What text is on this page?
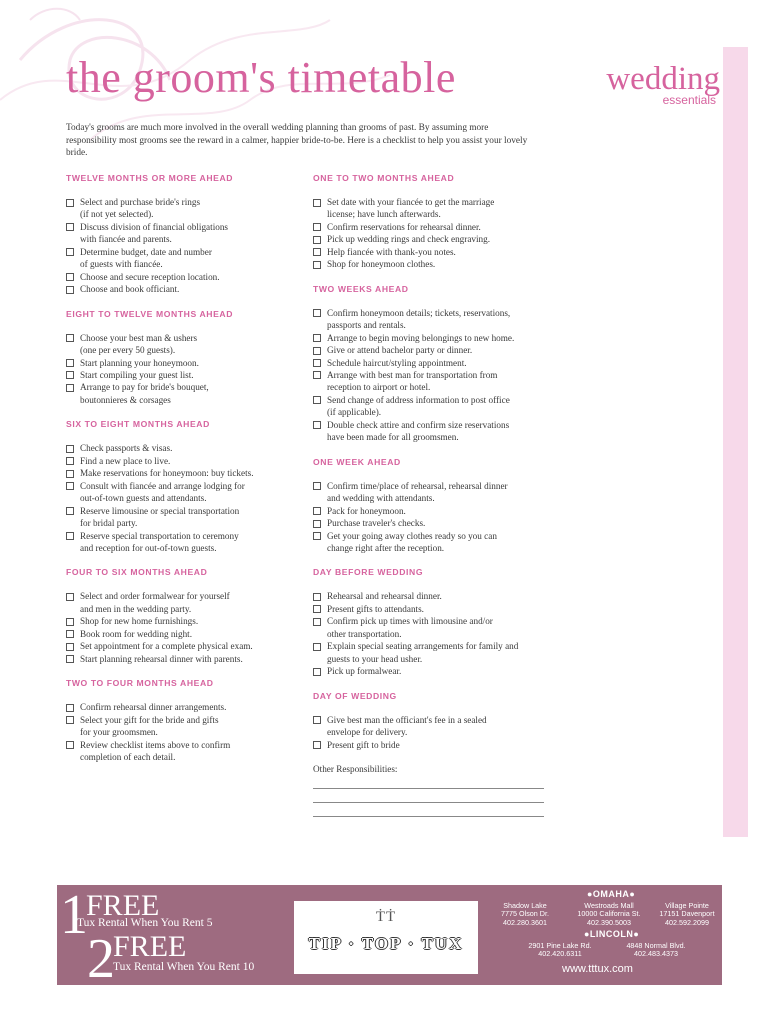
the groom's timetable	wedding
essentials

Today's grooms are much more involved in the overall wedding planning than grooms of past. By assuming more responsibility most grooms see the reward in a calmer, happier bride-to-be. Here is a checklist to help you assist your lovely bride.

TWELVE MONTHS OR MORE AHEAD
Select and purchase bride's rings
(if not yet selected).
Discuss division of financial obligations
with fiancée and parents.
Determine budget, date and number
of guests with fiancée.
Choose and secure reception location.
Choose and book officiant.
EIGHT TO TWELVE MONTHS AHEAD
Choose your best man & ushers
(one per every 50 guests).
Start planning your honeymoon.
Start compiling your guest list.
Arrange to pay for bride's bouquet,
boutonnieres & corsages
SIX TO EIGHT MONTHS AHEAD
Check passports & visas.
Find a new place to live.
Make reservations for honeymoon: buy tickets.
Consult with fiancée and arrange lodging for
out-of-town guests and attendants.
Reserve limousine or special transportation
for bridal party.
Reserve special transportation to ceremony
and reception for out-of-town guests.
FOUR TO SIX MONTHS AHEAD
Select and order formalwear for yourself
and men in the wedding party.
Shop for new home furnishings.
Book room for wedding night.
Set appointment for a complete physical exam.
Start planning rehearsal dinner with parents.
TWO TO FOUR MONTHS AHEAD
Confirm rehearsal dinner arrangements.
Select your gift for the bride and gifts
for your groomsmen.
Review checklist items above to confirm
completion of each detail.
ONE TO TWO MONTHS AHEAD
Set date with your fiancée to get the marriage
license; have lunch afterwards.
Confirm reservations for rehearsal dinner.
Pick up wedding rings and check engraving.
Help fiancée with thank-you notes.
Shop for honeymoon clothes.
TWO WEEKS AHEAD
Confirm honeymoon details; tickets, reservations,
passports and rentals.
Arrange to begin moving belongings to new home.
Give or attend bachelor party or dinner.
Schedule haircut/styling appointment.
Arrange with best man for transportation from
reception to airport or hotel.
Send change of address information to post office
(if applicable).
Double check attire and confirm size reservations
have been made for all groomsmen.
ONE WEEK AHEAD
Confirm time/place of rehearsal, rehearsal dinner
and wedding with attendants.
Pack for honeymoon.
Purchase traveler's checks.
Get your going away clothes ready so you can
change right after the reception.
DAY BEFORE WEDDING
Rehearsal and rehearsal dinner.
Present gifts to attendants.
Confirm pick up times with limousine and/or
other transportation.
Explain special seating arrangements for family and
guests to your head usher.
Pick up formalwear.
DAY OF WEDDING
Give best man the officiant's fee in a sealed
envelope for delivery.
Present gift to bride
Other Responsibilities:
1
FREE
Tux Rental When You Rent 5
2
FREE
Tux Rental When You Rent 10
ṪṪ
TIP · TOP · TUX
●OMAHA●
Shadow Lake
7775 Olson Dr.
402.280.3601
Westroads Mall
10000 California St.
402.390.5003
Village Pointe
17151 Davenport
402.592.2099
●LINCOLN●
2901 Pine Lake Rd.
402.420.6311
4848 Normal Blvd.
402.483.4373
www.tttux.com
